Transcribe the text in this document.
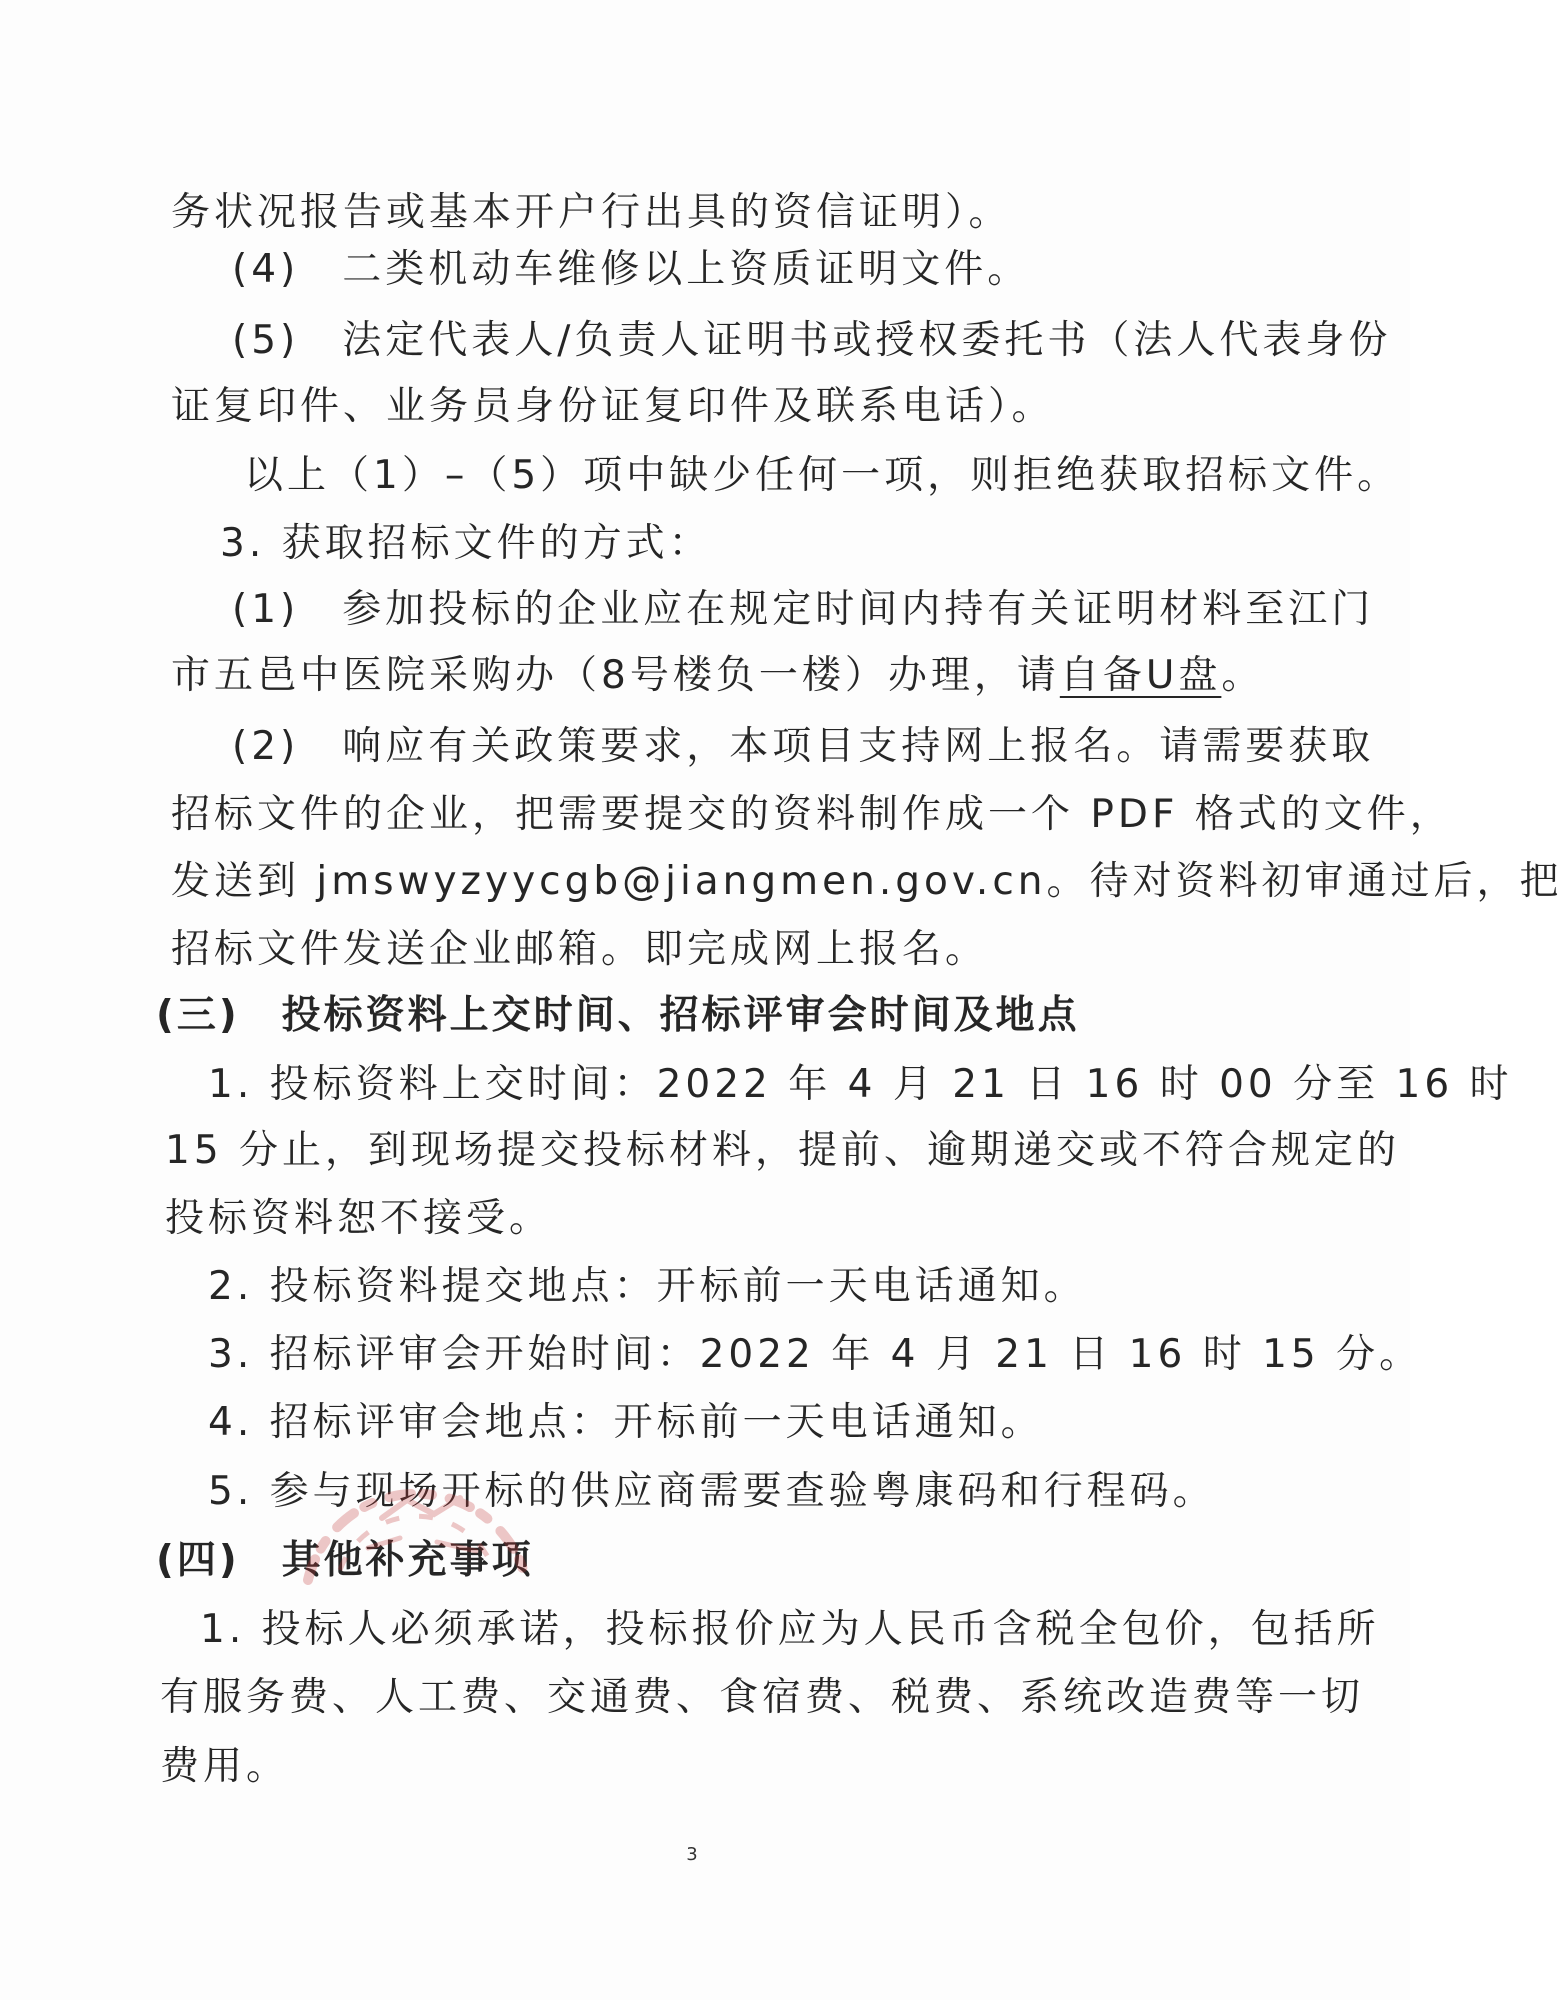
务状况报告或基本开户行出具的资信证明）。
(4)　二类机动车维修以上资质证明文件。
(5)　法定代表人/负责人证明书或授权委托书（法人代表身份
证复印件、业务员身份证复印件及联系电话）。
以上（1）–（5）项中缺少任何一项，则拒绝获取招标文件。
3. 获取招标文件的方式：
(1)　参加投标的企业应在规定时间内持有关证明材料至江门
市五邑中医院采购办（8号楼负一楼）办理，请自备U盘。
(2)　响应有关政策要求，本项目支持网上报名。请需要获取
招标文件的企业，把需要提交的资料制作成一个 PDF 格式的文件，
发送到 jmswyzyycgb@jiangmen.gov.cn。待对资料初审通过后，把
招标文件发送企业邮箱。即完成网上报名。
(三)　投标资料上交时间、招标评审会时间及地点
1. 投标资料上交时间：2022 年 4 月 21 日 16 时 00 分至 16 时
15 分止，到现场提交投标材料，提前、逾期递交或不符合规定的
投标资料恕不接受。
2. 投标资料提交地点：开标前一天电话通知。
3. 招标评审会开始时间：2022 年 4 月 21 日 16 时 15 分。
4. 招标评审会地点：开标前一天电话通知。
5. 参与现场开标的供应商需要查验粤康码和行程码。
(四)　其他补充事项
1. 投标人必须承诺，投标报价应为人民币含税全包价，包括所
有服务费、人工费、交通费、食宿费、税费、系统改造费等一切
费用。
3
